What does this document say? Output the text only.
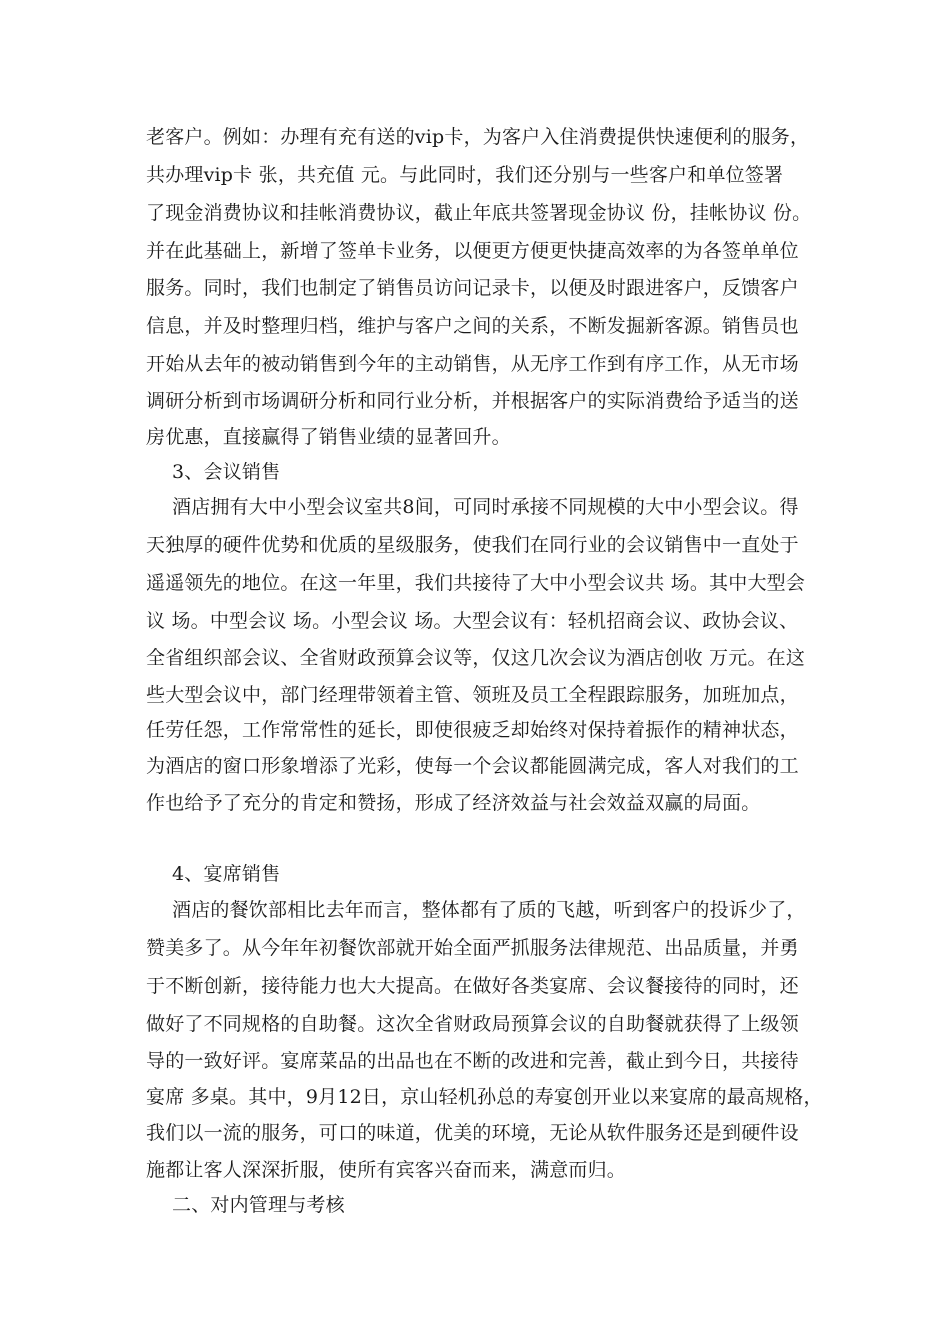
老客户。例如：办理有充有送的vip卡，为客户入住消费提供快速便利的服务，
共办理vip卡 张，共充值 元。与此同时，我们还分别与一些客户和单位签署
了现金消费协议和挂帐消费协议，截止年底共签署现金协议 份，挂帐协议 份。
并在此基础上，新增了签单卡业务，以便更方便更快捷高效率的为各签单单位
服务。同时，我们也制定了销售员访问记录卡，以便及时跟进客户，反馈客户
信息，并及时整理归档，维护与客户之间的关系，不断发掘新客源。销售员也
开始从去年的被动销售到今年的主动销售，从无序工作到有序工作，从无市场
调研分析到市场调研分析和同行业分析，并根据客户的实际消费给予适当的送
房优惠，直接赢得了销售业绩的显著回升。
3、会议销售
酒店拥有大中小型会议室共8间，可同时承接不同规模的大中小型会议。得
天独厚的硬件优势和优质的星级服务，使我们在同行业的会议销售中一直处于
遥遥领先的地位。在这一年里，我们共接待了大中小型会议共 场。其中大型会
议 场。中型会议 场。小型会议 场。大型会议有：轻机招商会议、政协会议、
全省组织部会议、全省财政预算会议等，仅这几次会议为酒店创收 万元。在这
些大型会议中，部门经理带领着主管、领班及员工全程跟踪服务，加班加点，
任劳任怨，工作常常性的延长，即使很疲乏却始终对保持着振作的精神状态，
为酒店的窗口形象增添了光彩，使每一个会议都能圆满完成，客人对我们的工
作也给予了充分的肯定和赞扬，形成了经济效益与社会效益双赢的局面。
4、宴席销售
酒店的餐饮部相比去年而言，整体都有了质的飞越，听到客户的投诉少了，
赞美多了。从今年年初餐饮部就开始全面严抓服务法律规范、出品质量，并勇
于不断创新，接待能力也大大提高。在做好各类宴席、会议餐接待的同时，还
做好了不同规格的自助餐。这次全省财政局预算会议的自助餐就获得了上级领
导的一致好评。宴席菜品的出品也在不断的改进和完善，截止到今日，共接待
宴席 多桌。其中，9月12日，京山轻机孙总的寿宴创开业以来宴席的最高规格，
我们以一流的服务，可口的味道，优美的环境，无论从软件服务还是到硬件设
施都让客人深深折服，使所有宾客兴奋而来，满意而归。
二、对内管理与考核
